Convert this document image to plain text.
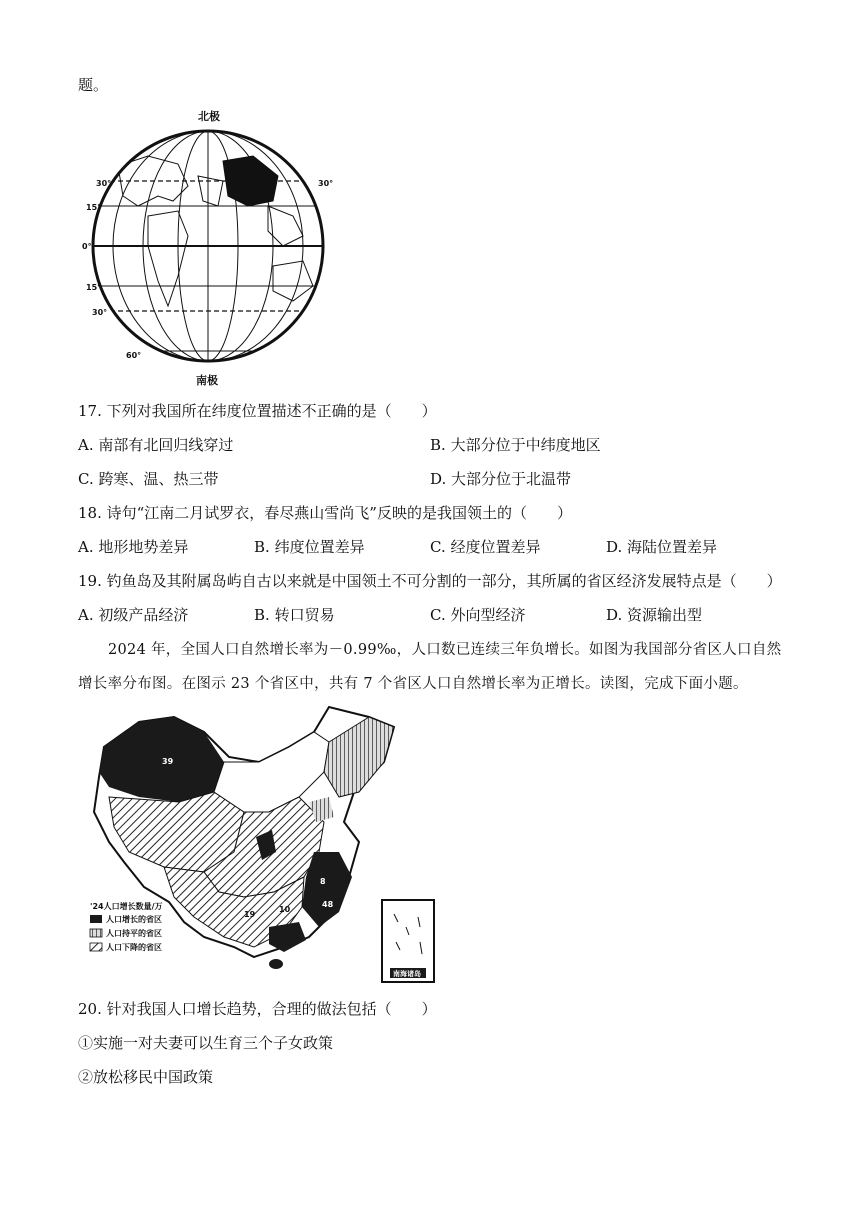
题。
北极
30°
15°
0°
15°
30°
60°
30°
南极
17. 下列对我国所在纬度位置描述不正确的是（　　）
A. 南部有北回归线穿过	B. 大部分位于中纬度地区
C. 跨寒、温、热三带	D. 大部分位于北温带
18. 诗句“江南二月试罗衣，春尽燕山雪尚飞”反映的是我国领土的（　　）
A. 地形地势差异	B. 纬度位置差异	C. 经度位置差异	D. 海陆位置差异
19. 钓鱼岛及其附属岛屿自古以来就是中国领土不可分割的一部分，其所属的省区经济发展特点是（　　）
A. 初级产品经济	B. 转口贸易	C. 外向型经济	D. 资源输出型
2024 年，全国人口自然增长率为－0.99‰，人口数已连续三年负增长。如图为我国部分省区人口自然
增长率分布图。在图示 23 个省区中，共有 7 个省区人口自然增长率为正增长。读图，完成下面小题。
39
8
48
19
10
'24人口增长数量/万
人口增长的省区
人口持平的省区
人口下降的省区
南海诸岛
20. 针对我国人口增长趋势，合理的做法包括（　　）
①实施一对夫妻可以生育三个子女政策
②放松移民中国政策
